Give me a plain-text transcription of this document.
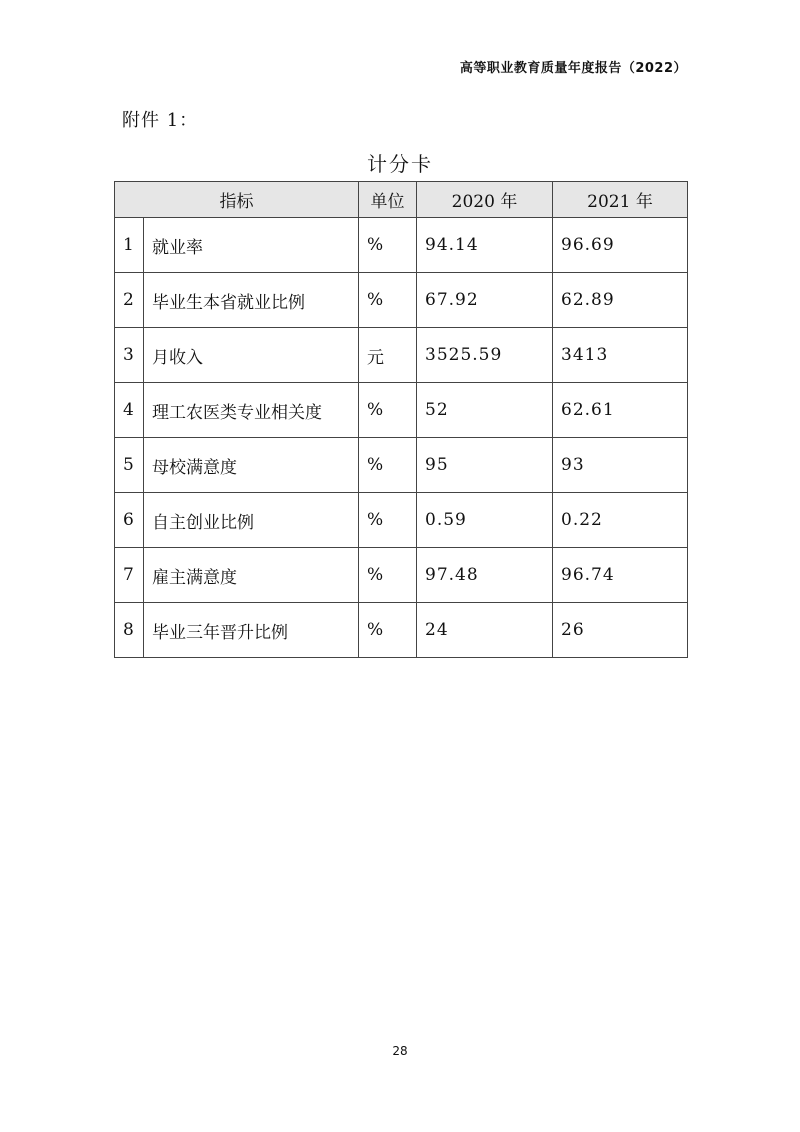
高等职业教育质量年度报告（2022）
附件 1：
计分卡
指标		单位	2020 年	2021 年
1	就业率	%	94.14	96.69
2	毕业生本省就业比例	%	67.92	62.89
3	月收入	元	3525.59	3413
4	理工农医类专业相关度	%	52	62.61
5	母校满意度	%	95	93
6	自主创业比例	%	0.59	0.22
7	雇主满意度	%	97.48	96.74
8	毕业三年晋升比例	%	24	26
28
